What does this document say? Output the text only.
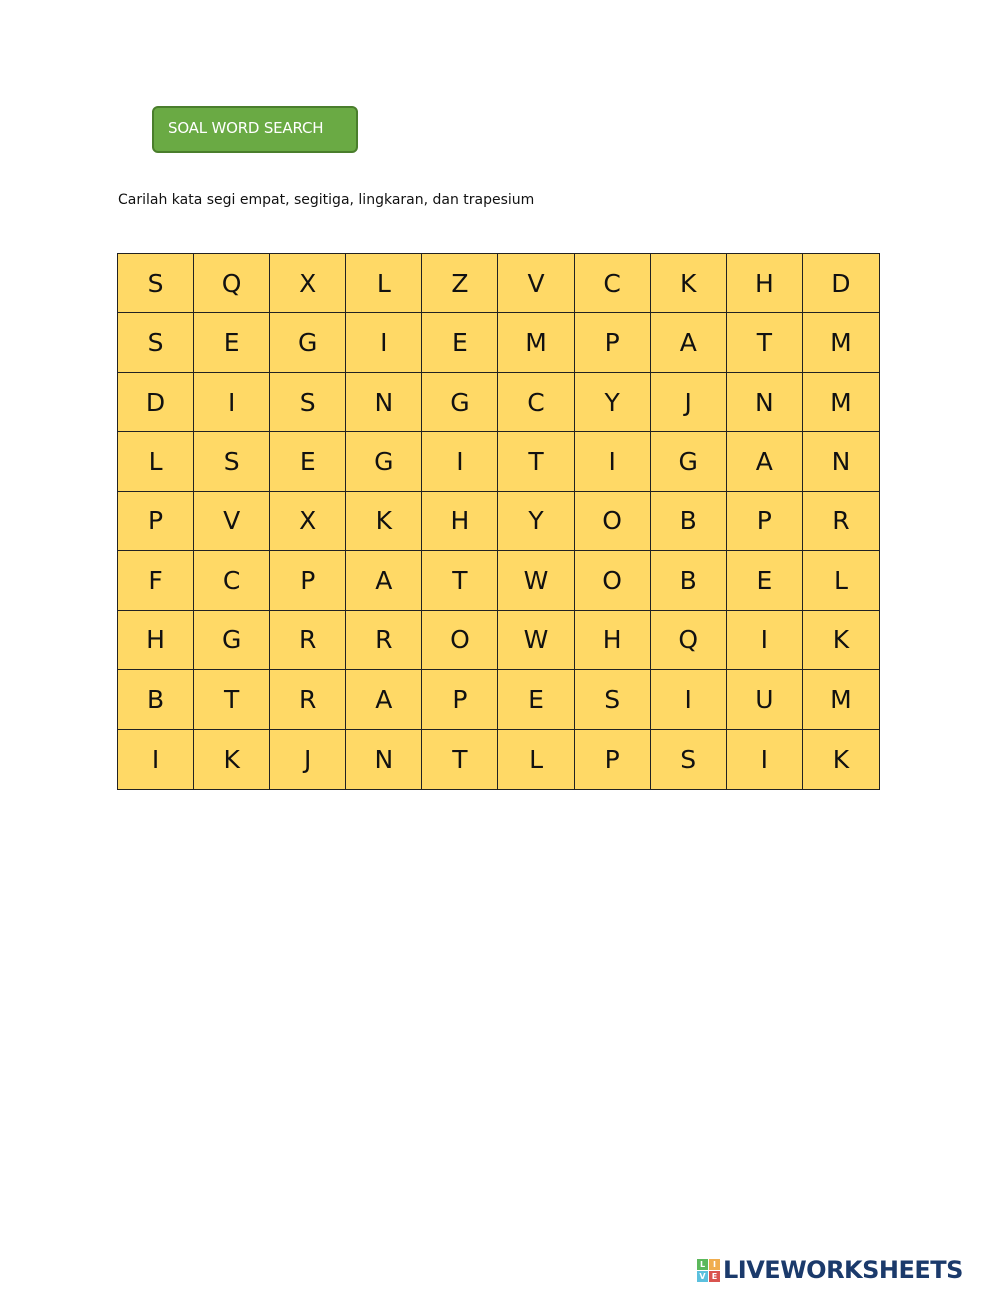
SOAL WORD SEARCH
Carilah kata segi empat, segitiga, lingkaran, dan trapesium
S	Q	X	L	Z	V	C	K	H	D
S	E	G	I	E	M	P	A	T	M
D	I	S	N	G	C	Y	J	N	M
L	S	E	G	I	T	I	G	A	N
P	V	X	K	H	Y	O	B	P	R
F	C	P	A	T	W	O	B	E	L
H	G	R	R	O	W	H	Q	I	K
B	T	R	A	P	E	S	I	U	M
I	K	J	N	T	L	P	S	I	K
L I
V E LIVEWORKSHEETS
